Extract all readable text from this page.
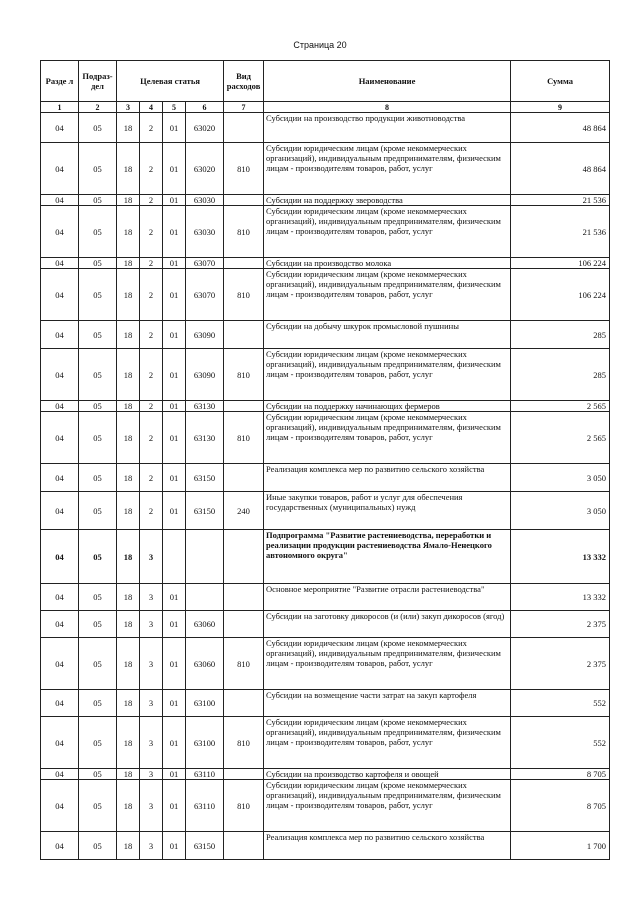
Страница 20
Разде л	Подраз- дел	Целевая статья				Вид расходов	Наименование	Сумма
1	2	3	4	5	6	7	8	9
04	05	18	2	01	63020		Субсидии на производство продукции животноводства	48 864
04	05	18	2	01	63020	810	Субсидии юридическим лицам (кроме некоммерческих организаций), индивидуальным предпринимателям, физическим лицам - производителям товаров, работ, услуг	48 864
04	05	18	2	01	63030		Субсидии на поддержку звероводства	21 536
04	05	18	2	01	63030	810	Субсидии юридическим лицам (кроме некоммерческих организаций), индивидуальным предпринимателям, физическим лицам - производителям товаров, работ, услуг	21 536
04	05	18	2	01	63070		Субсидии на производство молока	106 224
04	05	18	2	01	63070	810	Субсидии юридическим лицам (кроме некоммерческих организаций), индивидуальным предпринимателям, физическим лицам - производителям товаров, работ, услуг	106 224
04	05	18	2	01	63090		Субсидии на добычу шкурок промысловой пушнины	285
04	05	18	2	01	63090	810	Субсидии юридическим лицам (кроме некоммерческих организаций), индивидуальным предпринимателям, физическим лицам - производителям товаров, работ, услуг	285
04	05	18	2	01	63130		Субсидии на поддержку начинающих фермеров	2 565
04	05	18	2	01	63130	810	Субсидии юридическим лицам (кроме некоммерческих организаций), индивидуальным предпринимателям, физическим лицам - производителям товаров, работ, услуг	2 565
04	05	18	2	01	63150		Реализация комплекса мер по развитию сельского хозяйства	3 050
04	05	18	2	01	63150	240	Иные закупки товаров, работ и услуг для обеспечения государственных (муниципальных) нужд	3 050
04	05	18	3				Подпрограмма "Развитие растениеводства, переработки и реализации продукции растениеводства Ямало-Ненецкого автономного округа"	13 332
04	05	18	3	01			Основное мероприятие "Развитие отрасли растениеводства"	13 332
04	05	18	3	01	63060		Субсидии на заготовку дикоросов (и (или) закуп дикоросов (ягод)	2 375
04	05	18	3	01	63060	810	Субсидии юридическим лицам (кроме некоммерческих организаций), индивидуальным предпринимателям, физическим лицам - производителям товаров, работ, услуг	2 375
04	05	18	3	01	63100		Субсидии на возмещение части затрат на закуп картофеля	552
04	05	18	3	01	63100	810	Субсидии юридическим лицам (кроме некоммерческих организаций), индивидуальным предпринимателям, физическим лицам - производителям товаров, работ, услуг	552
04	05	18	3	01	63110		Субсидии на производство картофеля и овощей	8 705
04	05	18	3	01	63110	810	Субсидии юридическим лицам (кроме некоммерческих организаций), индивидуальным предпринимателям, физическим лицам - производителям товаров, работ, услуг	8 705
04	05	18	3	01	63150		Реализация комплекса мер по развитию сельского хозяйства	1 700
